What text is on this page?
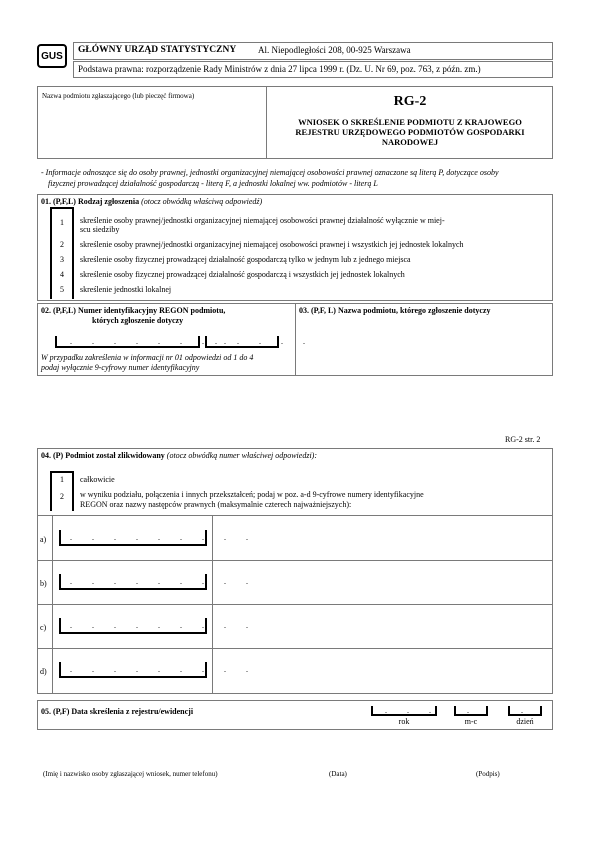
GUS
GŁÓWNY URZĄD STATYSTYCZNY Al. Niepodległości 208, 00-925 Warszawa
Podstawa prawna: rozporządzenie Rady Ministrów z dnia 27 lipca 1999 r. (Dz. U. Nr 69, poz. 763, z późn. zm.)
Nazwa podmiotu zgłaszającego (lub pieczęć firmowa)	RG-2
WNIOSEK O SKREŚLENIE PODMIOTU Z KRAJOWEGO REJESTRU URZĘDOWEGO PODMIOTÓW GOSPODARKI NARODOWEJ
- Informacje odnoszące się do osoby prawnej, jednostki organizacyjnej niemającej osobowości prawnej oznaczone są literą P, dotyczące osoby
fizycznej prowadzącej działalność gospodarczą - literą F, a jednostki lokalnej ww. podmiotów - literą L
01. (P,F,L) Rodzaj zgłoszenia (otocz obwódką właściwą odpowiedź)
1	skreślenie osoby prawnej/jednostki organizacyjnej niemającej osobowości prawnej działalność wyłącznie w miej-
scu siedziby
2	skreślenie osoby prawnej/jednostki organizacyjnej niemającej osobowości prawnej i wszystkich jej jednostek lokalnych
3	skreślenie osoby fizycznej prowadzącej działalność gospodarczą tylko w jednym lub z jednego miejsca
4	skreślenie osoby fizycznej prowadzącej działalność gospodarczą i wszystkich jej jednostek lokalnych
5	skreślenie jednostki lokalnej
02. (P,F,L) Numer identyfikacyjny REGON podmiotu,
których zgłoszenie dotyczy
. . . . . . . .
. . . . .
W przypadku zakreślenia w informacji nr 01 odpowiedzi od 1 do 4
podaj wyłącznie 9-cyfrowy numer identyfikacyjny
03. (P,F, L) Nazwa podmiotu, którego zgłoszenie dotyczy
RG-2 str. 2
04. (P) Podmiot został zlikwidowany (otocz obwódką numer właściwej odpowiedzi):
1	całkowicie
2	w wyniku podziału, połączenia i innych przekształceń; podaj w poz. a-d 9-cyfrowe numery identyfikacyjne
REGON oraz nazwy następców prawnych (maksymalnie czterech najważniejszych):
a)	. . . . . . . . .
b)	. . . . . . . . .
c)	. . . . . . . . .
d)	. . . . . . . . .
05. (P,F) Data skreślenia z rejestru/ewidencji	. . .
rok
.
m-c
.
dzień
(Imię i nazwisko osoby zgłaszającej wniosek, numer telefonu)	(Data)	(Podpis)
